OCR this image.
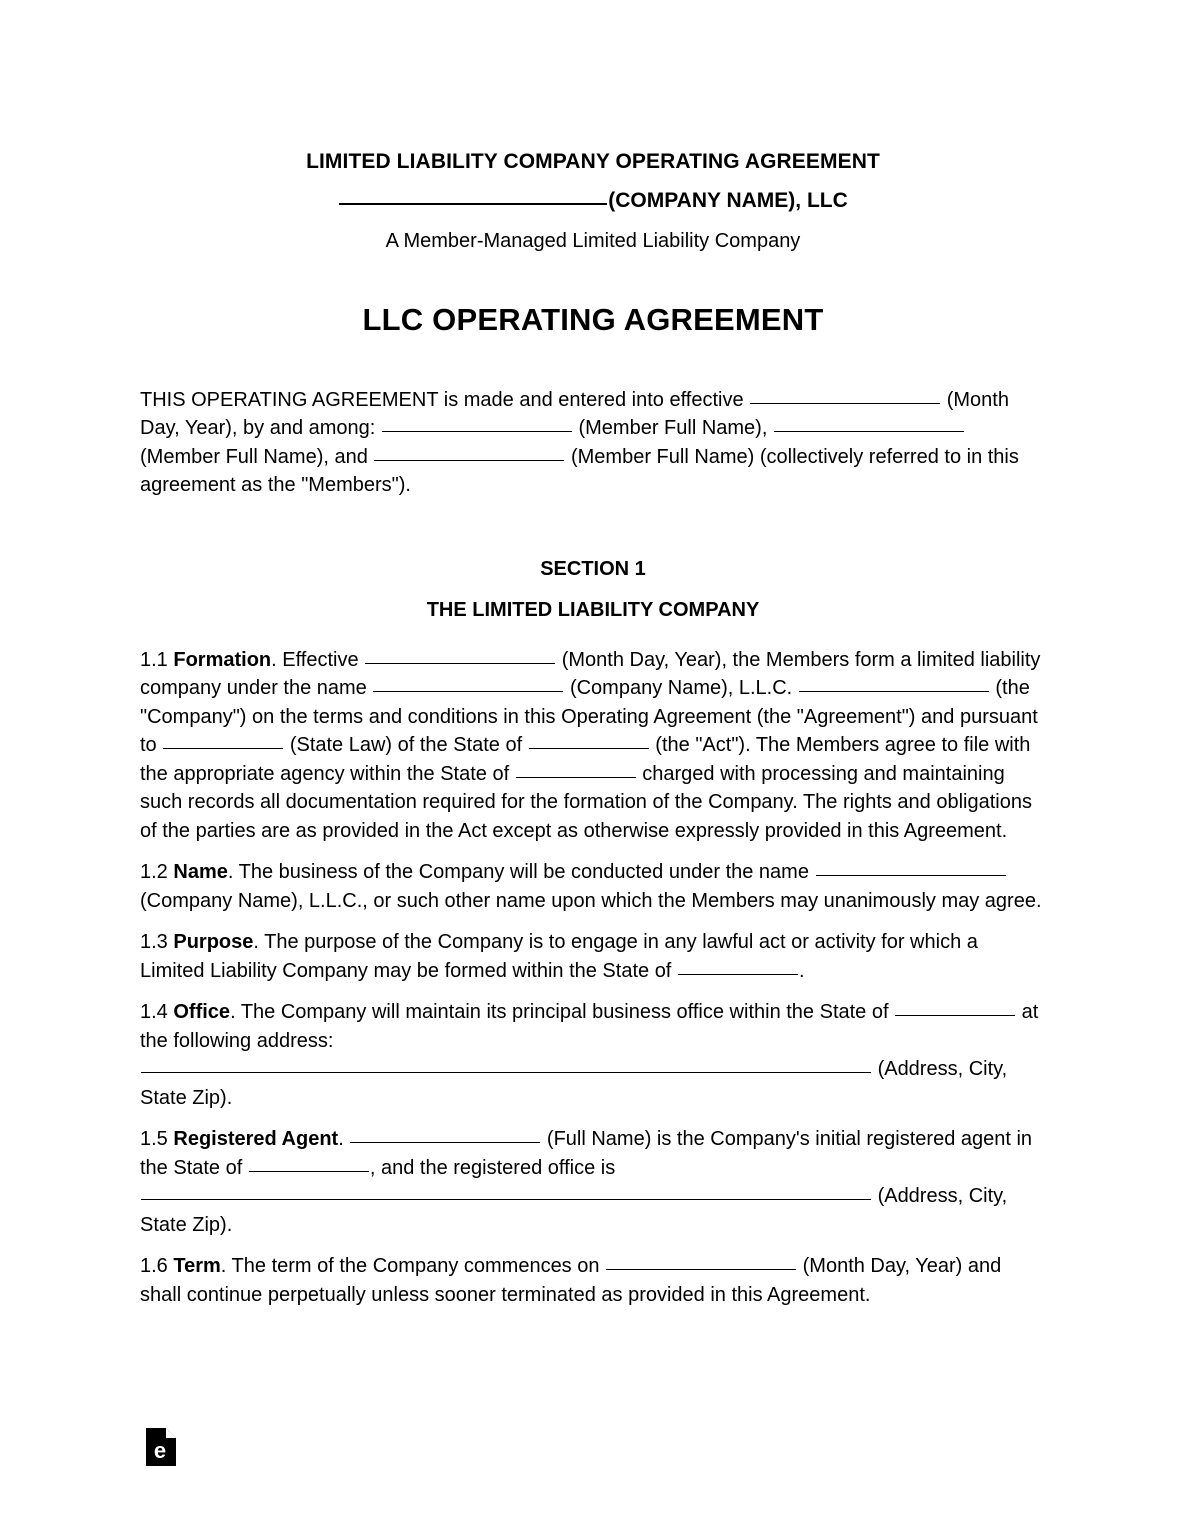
LIMITED LIABILITY COMPANY OPERATING AGREEMENT
(COMPANY NAME), LLC
A Member-Managed Limited Liability Company
LLC OPERATING AGREEMENT

THIS OPERATING AGREEMENT is made and entered into effective	(Month Day, Year), by and among:	(Member Full Name),  (Member Full Name), and	(Member Full Name) (collectively referred to in this agreement as the "Members").

SECTION 1
THE LIMITED LIABILITY COMPANY

1.1 Formation. Effective	(Month Day, Year), the Members form a limited liability company under the name	(Company Name), L.L.C.	(the "Company") on the terms and conditions in this Operating Agreement (the "Agreement") and pursuant to	(State Law) of the State of	(the "Act"). The Members agree to file with the appropriate agency within the State of	charged with processing and maintaining such records all documentation required for the formation of the Company. The rights and obligations of the parties are as provided in the Act except as otherwise expressly provided in this Agreement.

1.2 Name. The business of the Company will be conducted under the name  (Company Name), L.L.C., or such other name upon which the Members may unanimously may agree.

1.3 Purpose. The purpose of the Company is to engage in any lawful act or activity for which a Limited Liability Company may be formed within the State of	.

1.4 Office. The Company will maintain its principal business office within the State of	at the following address:  (Address, City, State Zip).

1.5 Registered Agent.	(Full Name) is the Company's initial registered agent in the State of	, and the registered office is  (Address, City, State Zip).

1.6 Term. The term of the Company commences on	(Month Day, Year) and shall continue perpetually unless sooner terminated as provided in this Agreement.

e
